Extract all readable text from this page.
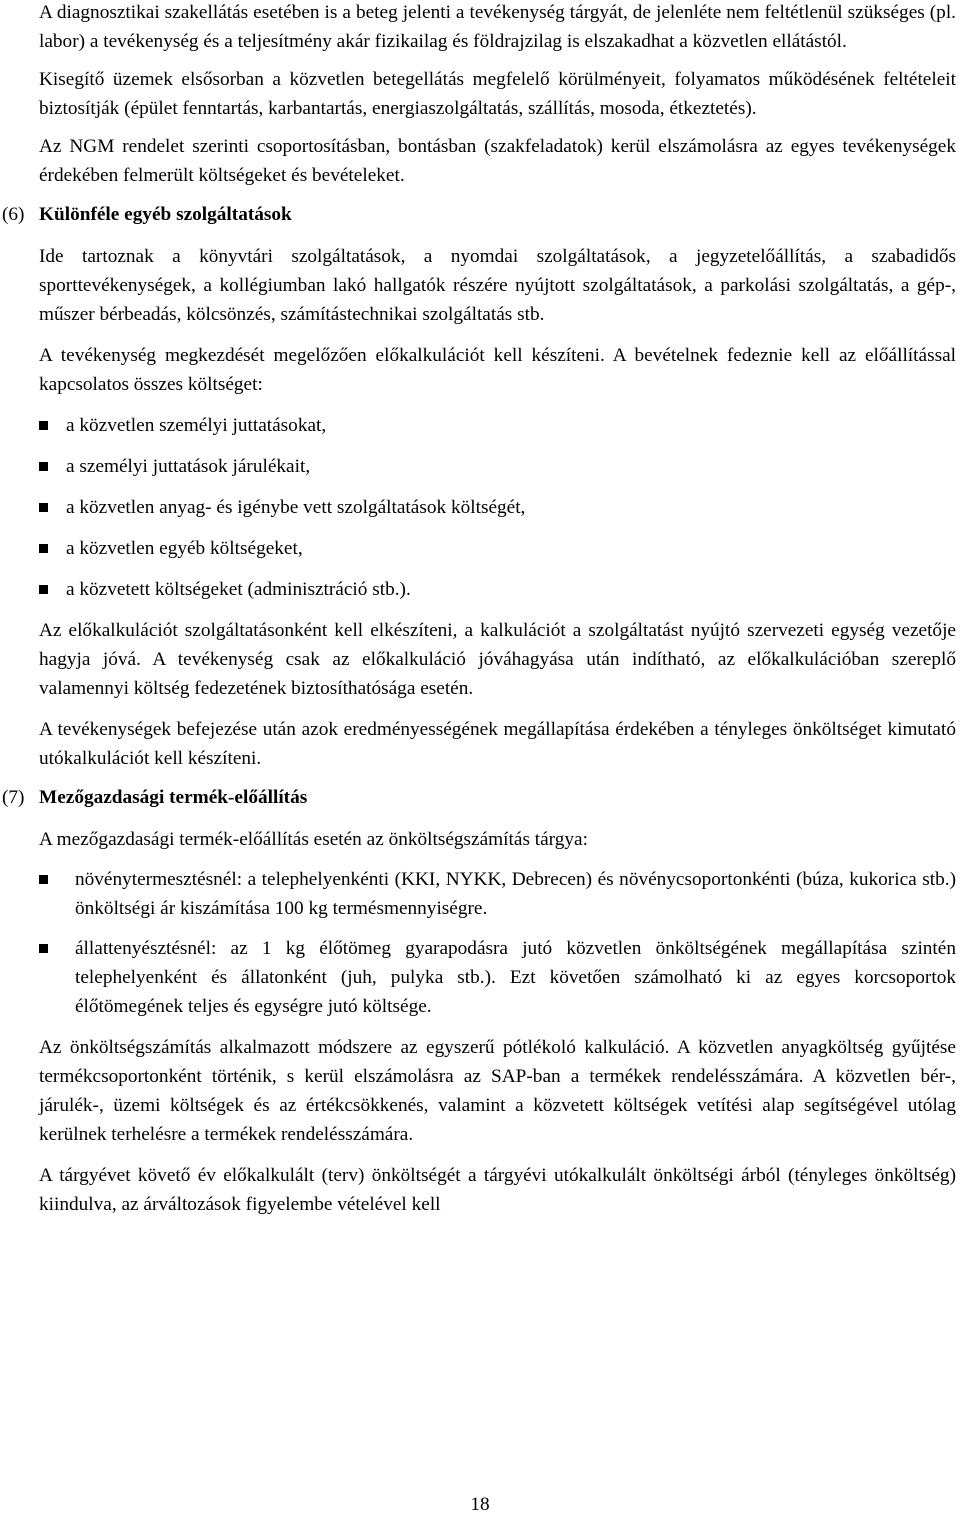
A diagnosztikai szakellátás esetében is a beteg jelenti a tevékenység tárgyát, de jelenléte nem feltétlenül szükséges (pl. labor) a tevékenység és a teljesítmény akár fizikailag és földrajzilag is elszakadhat a közvetlen ellátástól.

Kisegítő üzemek elsősorban a közvetlen betegellátás megfelelő körülményeit, folyamatos működésének feltételeit biztosítják (épület fenntartás, karbantartás, energiaszolgáltatás, szállítás, mosoda, étkeztetés).

Az NGM rendelet szerinti csoportosításban, bontásban (szakfeladatok) kerül elszámolásra az egyes tevékenységek érdekében felmerült költségeket és bevételeket.

(6) Különféle egyéb szolgáltatások

Ide tartoznak a könyvtári szolgáltatások, a nyomdai szolgáltatások, a jegyzetelőállítás, a szabadidős sporttevékenységek, a kollégiumban lakó hallgatók részére nyújtott szolgáltatások, a parkolási szolgáltatás, a gép-, műszer bérbeadás, kölcsönzés, számítástechnikai szolgáltatás stb.

A tevékenység megkezdését megelőzően előkalkulációt kell készíteni. A bevételnek fedeznie kell az előállítással kapcsolatos összes költséget:

a közvetlen személyi juttatásokat,
a személyi juttatások járulékait,
a közvetlen anyag- és igénybe vett szolgáltatások költségét,
a közvetlen egyéb költségeket,
a közvetett költségeket (adminisztráció stb.).

Az előkalkulációt szolgáltatásonként kell elkészíteni, a kalkulációt a szolgáltatást nyújtó szervezeti egység vezetője hagyja jóvá. A tevékenység csak az előkalkuláció jóváhagyása után indítható, az előkalkulációban szereplő valamennyi költség fedezetének biztosíthatósága esetén.

A tevékenységek befejezése után azok eredményességének megállapítása érdekében a tényleges önköltséget kimutató utókalkulációt kell készíteni.

(7) Mezőgazdasági termék-előállítás

A mezőgazdasági termék-előállítás esetén az önköltségszámítás tárgya:

növénytermesztésnél: a telephelyenkénti (KKI, NYKK, Debrecen) és növénycsoportonkénti (búza, kukorica stb.) önköltségi ár kiszámítása 100 kg termésmennyiségre.
állattenyésztésnél: az 1 kg élőtömeg gyarapodásra jutó közvetlen önköltségének megállapítása szintén telephelyenként és állatonként (juh, pulyka stb.). Ezt követően számolható ki az egyes korcsoportok élőtömegének teljes és egységre jutó költsége.

Az önköltségszámítás alkalmazott módszere az egyszerű pótlékoló kalkuláció. A közvetlen anyagköltség gyűjtése termékcsoportonként történik, s kerül elszámolásra az SAP-ban a termékek rendelésszámára. A közvetlen bér-, járulék-, üzemi költségek és az értékcsökkenés, valamint a közvetett költségek vetítési alap segítségével utólag kerülnek terhelésre a termékek rendelésszámára.

A tárgyévet követő év előkalkulált (terv) önköltségét a tárgyévi utókalkulált önköltségi árból (tényleges önköltség) kiindulva, az árváltozások figyelembe vételével kell

18
